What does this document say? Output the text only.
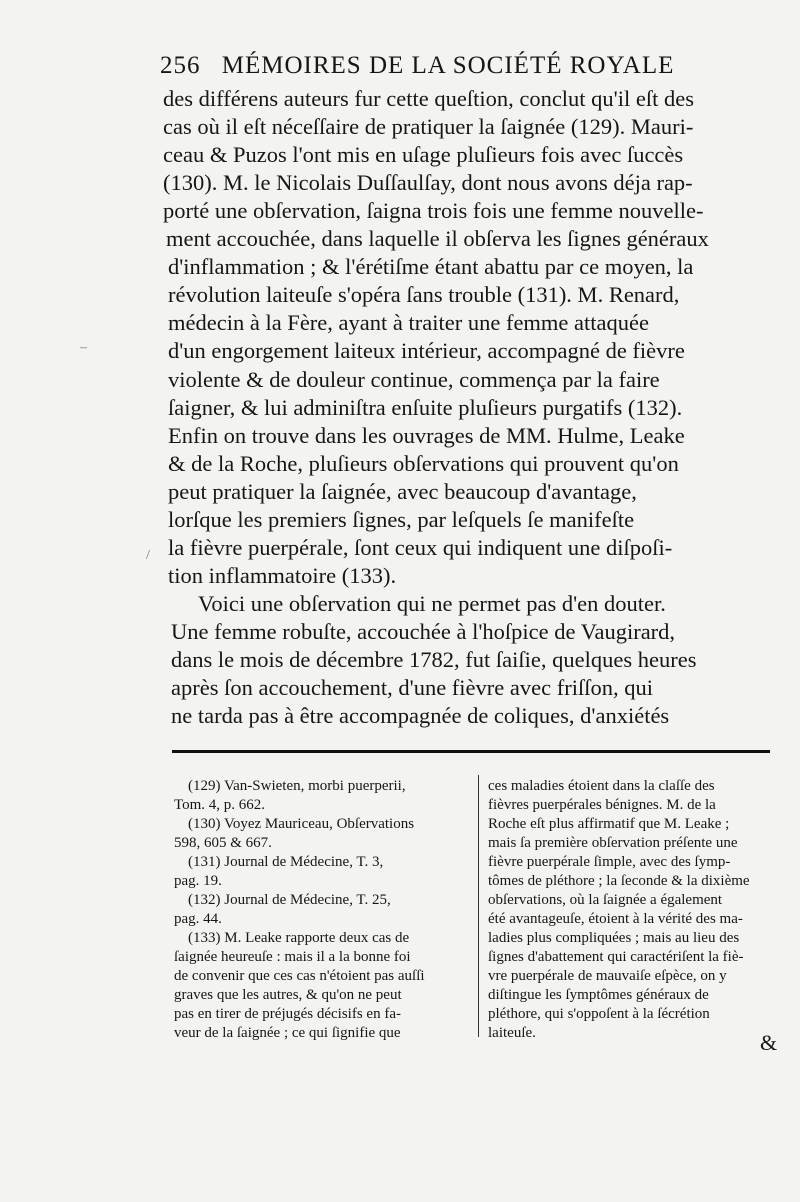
256 MÉMOIRES DE LA SOCIÉTÉ ROYALE
des différens auteurs fur cette queſtion, conclut qu'il eſt des
cas où il eſt néceſſaire de pratiquer la ſaignée (129). Mauri-
ceau & Puzos l'ont mis en uſage pluſieurs fois avec ſuccès
(130). M. le Nicolais Duſſaulſay, dont nous avons déja rap-
porté une obſervation, ſaigna trois fois une femme nouvelle-
ment accouchée, dans laquelle il obſerva les ſignes généraux
d'inflammation ; & l'érétiſme étant abattu par ce moyen, la
révolution laiteuſe s'opéra ſans trouble (131). M. Renard,
médecin à la Fère, ayant à traiter une femme attaquée
d'un engorgement laiteux intérieur, accompagné de fièvre
violente & de douleur continue, commença par la faire
ſaigner, & lui adminiſtra enſuite pluſieurs purgatifs (132).
Enfin on trouve dans les ouvrages de MM. Hulme, Leake
& de la Roche, pluſieurs obſervations qui prouvent qu'on
peut pratiquer la ſaignée, avec beaucoup d'avantage,
lorſque les premiers ſignes, par leſquels ſe manifeſte
la fièvre puerpérale, ſont ceux qui indiquent une diſpoſi-
tion inflammatoire (133).
Voici une obſervation qui ne permet pas d'en douter.
Une femme robuſte, accouchée à l'hoſpice de Vaugirard,
dans le mois de décembre 1782, fut ſaiſie, quelques heures
après ſon accouchement, d'une fièvre avec friſſon, qui
ne tarda pas à être accompagnée de coliques, d'anxiétés
(129) Van-Swieten, morbi puerperii,
Tom. 4, p. 662.
(130) Voyez Mauriceau, Obſervations
598, 605 & 667.
(131) Journal de Médecine, T. 3,
pag. 19.
(132) Journal de Médecine, T. 25,
pag. 44.
(133) M. Leake rapporte deux cas de
ſaignée heureuſe : mais il a la bonne foi
de convenir que ces cas n'étoient pas auſſi
graves que les autres, & qu'on ne peut
pas en tirer de préjugés décisifs en fa-
veur de la ſaignée ; ce qui ſignifie que
ces maladies étoient dans la claſſe des
fièvres puerpérales bénignes. M. de la
Roche eſt plus affirmatif que M. Leake ;
mais ſa première obſervation préſente une
fièvre puerpérale ſimple, avec des ſymp-
tômes de pléthore ; la ſeconde & la dixième
obſervations, où la ſaignée a également
été avantageuſe, étoient à la vérité des ma-
ladies plus compliquées ; mais au lieu des
ſignes d'abattement qui caractériſent la fiè-
vre puerpérale de mauvaiſe eſpèce, on y
diſtingue les ſymptômes généraux de
pléthore, qui s'oppoſent à la ſécrétion
laiteuſe.	&
–
/
